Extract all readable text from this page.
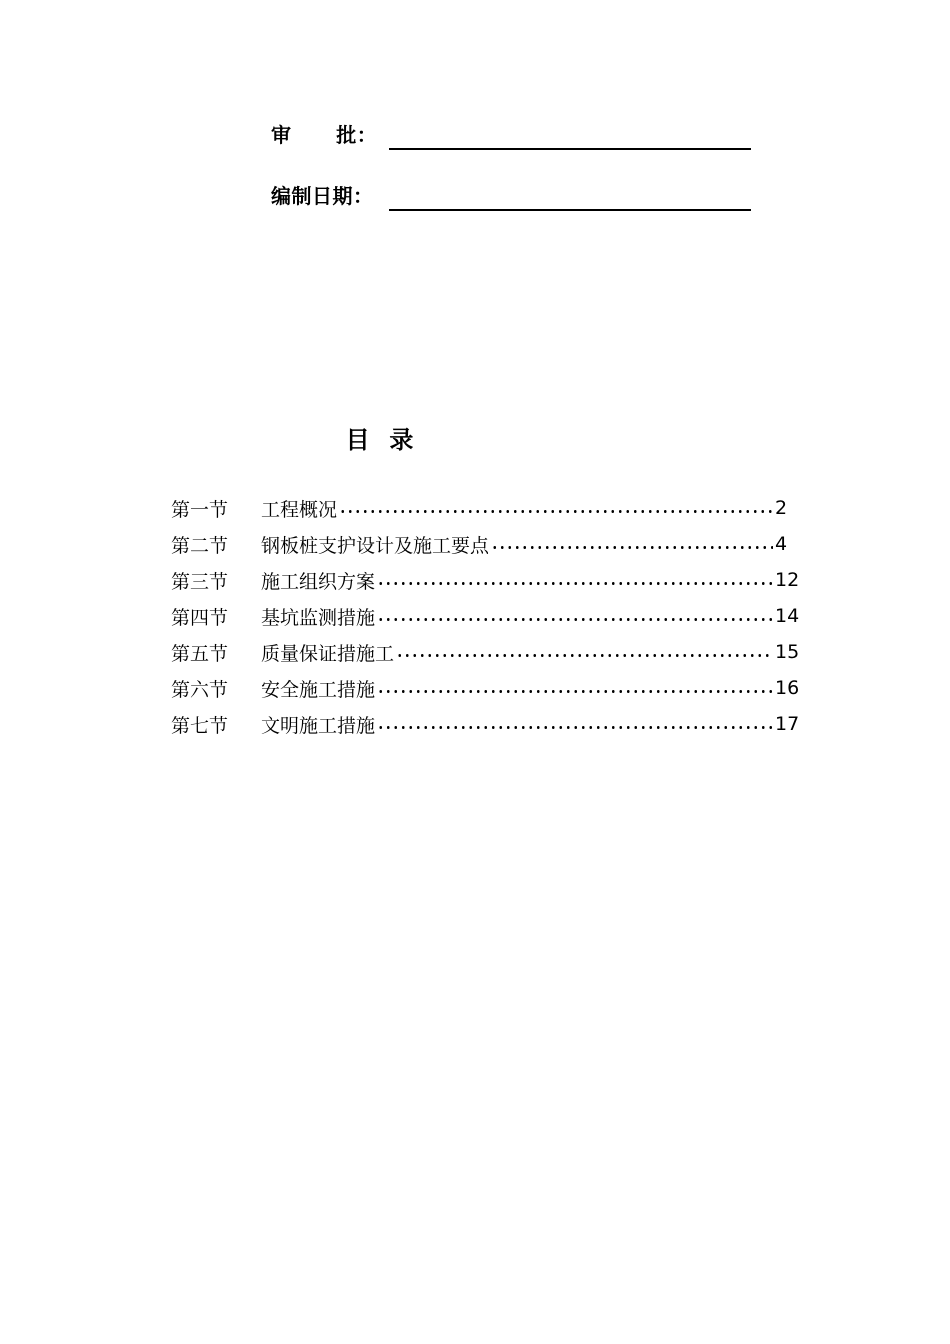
审      批：
编制日期：
目  录
第一节	工程概况	2
第二节	钢板桩支护设计及施工要点	4
第三节	施工组织方案	12
第四节	基坑监测措施	14
第五节	质量保证措施工	15
第六节	安全施工措施	16
第七节	文明施工措施	17
